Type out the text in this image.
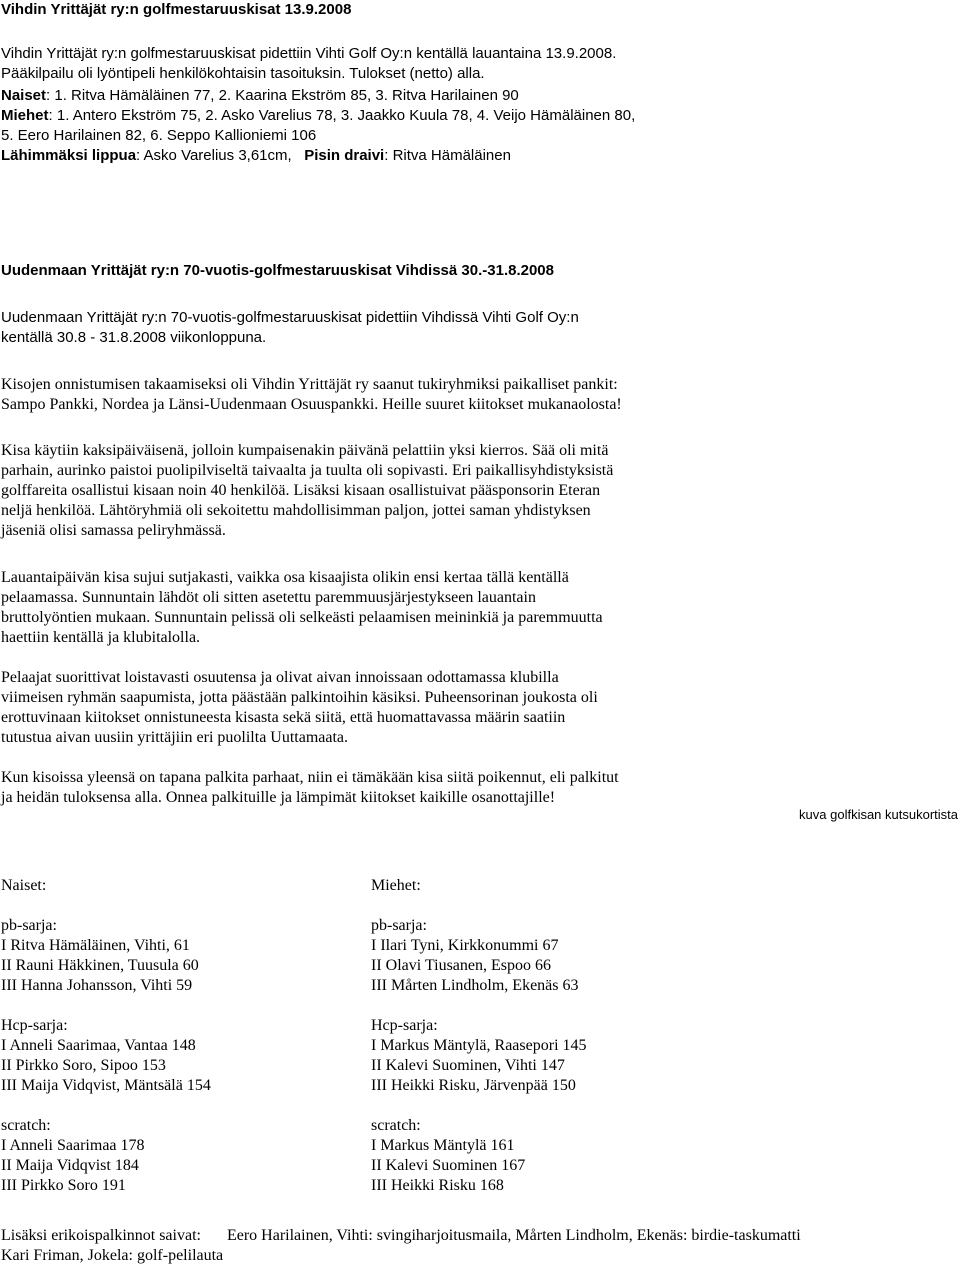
Vihdin Yrittäjät ry:n golfmestaruuskisat 13.9.2008

Vihdin Yrittäjät ry:n golfmestaruuskisat pidettiin Vihti Golf Oy:n kentällä lauantaina 13.9.2008.

Pääkilpailu oli lyöntipeli henkilökohtaisin tasoituksin. Tulokset (netto) alla.

Naiset: 1. Ritva Hämäläinen 77, 2. Kaarina Ekström 85, 3. Ritva Harilainen 90

Miehet: 1. Antero Ekström 75, 2. Asko Varelius 78, 3. Jaakko Kuula 78, 4. Veijo Hämäläinen 80,

5. Eero Harilainen 82, 6. Seppo Kallioniemi 106

Lähimmäksi lippua: Asko Varelius 3,61cm, Pisin draivi: Ritva Hämäläinen

Uudenmaan Yrittäjät ry:n 70-vuotis-golfmestaruuskisat Vihdissä 30.-31.8.2008

Uudenmaan Yrittäjät ry:n 70-vuotis-golfmestaruuskisat pidettiin Vihdissä Vihti Golf Oy:n

kentällä 30.8 - 31.8.2008 viikonloppuna.

Kisojen onnistumisen takaamiseksi oli Vihdin Yrittäjät ry saanut tukiryhmiksi paikalliset pankit:

Sampo Pankki, Nordea ja Länsi-Uudenmaan Osuuspankki. Heille suuret kiitokset mukanaolosta!

Kisa käytiin kaksipäiväisenä, jolloin kumpaisenakin päivänä pelattiin yksi kierros. Sää oli mitä

parhain, aurinko paistoi puolipilviseltä taivaalta ja tuulta oli sopivasti. Eri paikallisyhdistyksistä

golffareita osallistui kisaan noin 40 henkilöä. Lisäksi kisaan osallistuivat pääsponsorin Eteran

neljä henkilöä. Lähtöryhmiä oli sekoitettu mahdollisimman paljon, jottei saman yhdistyksen

jäseniä olisi samassa peliryhmässä.

Lauantaipäivän kisa sujui sutjakasti, vaikka osa kisaajista olikin ensi kertaa tällä kentällä

pelaamassa. Sunnuntain lähdöt oli sitten asetettu paremmuusjärjestykseen lauantain

bruttolyöntien mukaan. Sunnuntain pelissä oli selkeästi pelaamisen meininkiä ja paremmuutta

haettiin kentällä ja klubitalolla.

Pelaajat suorittivat loistavasti osuutensa ja olivat aivan innoissaan odottamassa klubilla

viimeisen ryhmän saapumista, jotta päästään palkintoihin käsiksi. Puheensorinan joukosta oli

erottuvinaan kiitokset onnistuneesta kisasta sekä siitä, että huomattavassa määrin saatiin

tutustua aivan uusiin yrittäjiin eri puolilta Uuttamaata.

Kun kisoissa yleensä on tapana palkita parhaat, niin ei tämäkään kisa siitä poikennut, eli palkitut

ja heidän tuloksensa alla. Onnea palkituille ja lämpimät kiitokset kaikille osanottajille!

kuva golfkisan kutsukortista

Naiset:

pb-sarja:

I Ritva Hämäläinen, Vihti, 61

II Rauni Häkkinen, Tuusula 60

III Hanna Johansson, Vihti 59

Hcp-sarja:

I Anneli Saarimaa, Vantaa 148

II Pirkko Soro, Sipoo 153

III Maija Vidqvist, Mäntsälä 154

scratch:

I Anneli Saarimaa 178

II Maija Vidqvist 184

III Pirkko Soro 191

Miehet:

pb-sarja:

I Ilari Tyni, Kirkkonummi 67

II Olavi Tiusanen, Espoo 66

III Mårten Lindholm, Ekenäs 63

Hcp-sarja:

I Markus Mäntylä, Raasepori 145

II Kalevi Suominen, Vihti 147

III Heikki Risku, Järvenpää 150

scratch:

I Markus Mäntylä 161

II Kalevi Suominen 167

III Heikki Risku 168

Lisäksi erikoispalkinnot saivat: Eero Harilainen, Vihti: svingiharjoitusmaila, Mårten Lindholm, Ekenäs: birdie-taskumatti

Kari Friman, Jokela: golf-pelilauta
